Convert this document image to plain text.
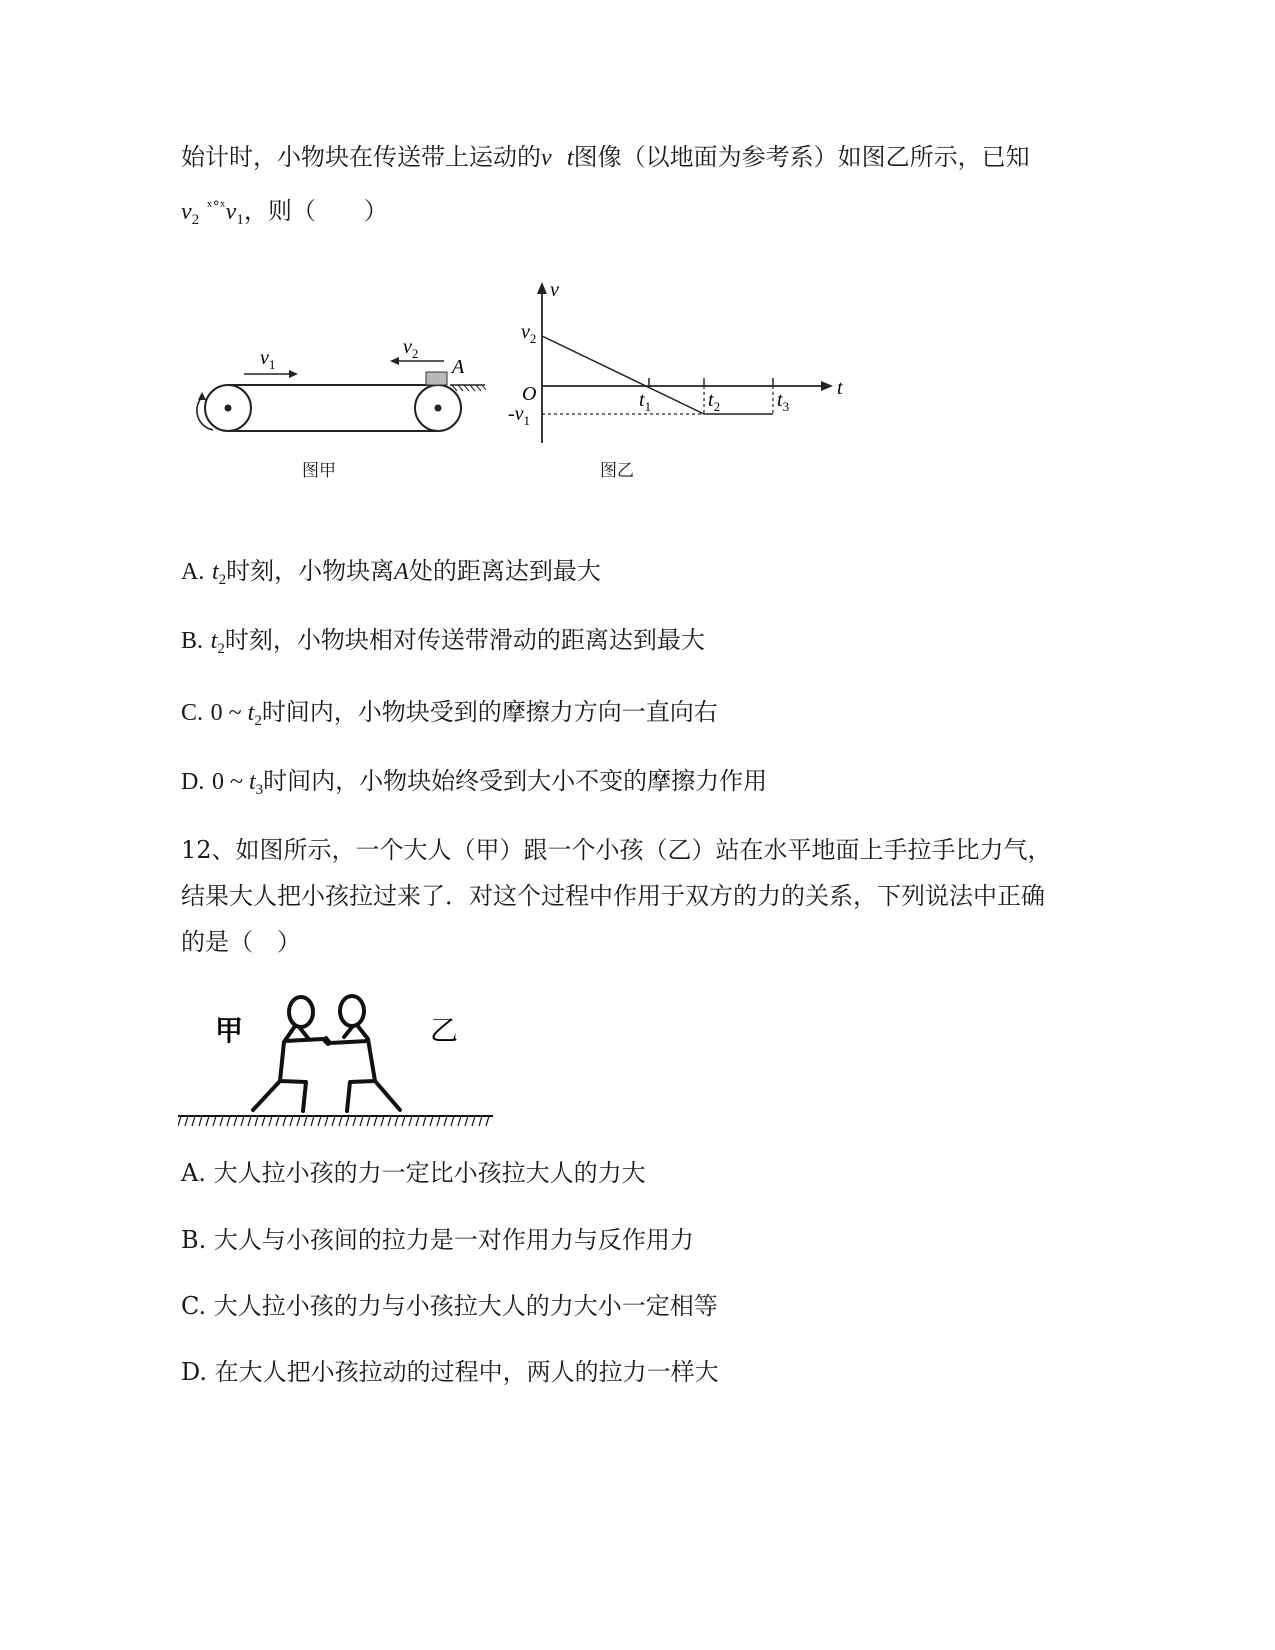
始计时，小物块在传送带上运动的v t图像（以地面为参考系）如图乙所示，已知
$v_2$ $^{ˣ^\circ ˣ}v_1$，则（　　）
$v_1$
$v_2$
A
图甲
v
t
O
$v_2$
$-v_1$
$t_1$	$t_2$	$t_3$
图乙
A. $t_2$时刻，小物块离A处的距离达到最大
B. $t_2$时刻，小物块相对传送带滑动的距离达到最大
C. 0 ~ $t_2$时间内，小物块受到的摩擦力方向一直向右
D. 0 ~ $t_3$时间内，小物块始终受到大小不变的摩擦力作用
12、如图所示，一个大人（甲）跟一个小孩（乙）站在水平地面上手拉手比力气，
结果大人把小孩拉过来了．对这个过程中作用于双方的力的关系，下列说法中正确
的是（　）
甲	乙
A. 大人拉小孩的力一定比小孩拉大人的力大
B. 大人与小孩间的拉力是一对作用力与反作用力
C. 大人拉小孩的力与小孩拉大人的力大小一定相等
D. 在大人把小孩拉动的过程中，两人的拉力一样大
